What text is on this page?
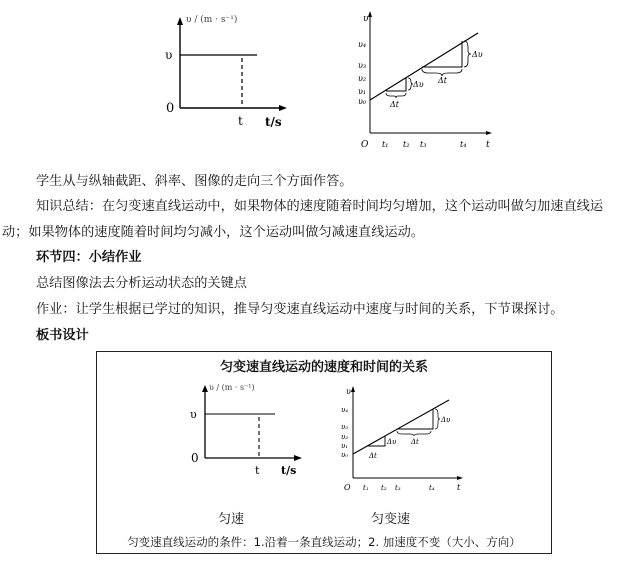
υ / (m · s⁻¹)
υ
0
t t/s
υ
υ₄
υ₃
υ₂
υ₁
υ₀
O t₁ t₂ t₃	t₄ t
Δυ
Δt
Δυ
Δt
学生从与纵轴截距、斜率、图像的走向三个方面作答。
知识总结：在匀变速直线运动中，如果物体的速度随着时间均匀增加，这个运动叫做匀加速直线运
动；如果物体的速度随着时间均匀减小，这个运动叫做匀减速直线运动。
环节四：小结作业
总结图像法去分析运动状态的关键点
作业：让学生根据已学过的知识，推导匀变速直线运动中速度与时间的关系，下节课探讨。
板书设计
匀变速直线运动的速度和时间的关系
υ / (m · s⁻¹)
υ
0
t t/s
υ
υ₄
υ₃
υ₂
υ₁
υ₀
O t₁ t₂ t₃	t₄	t
Δυ
Δt
Δυ
Δt
匀速	匀变速
匀变速直线运动的条件：1.沿着一条直线运动；2. 加速度不变（大小、方向）
